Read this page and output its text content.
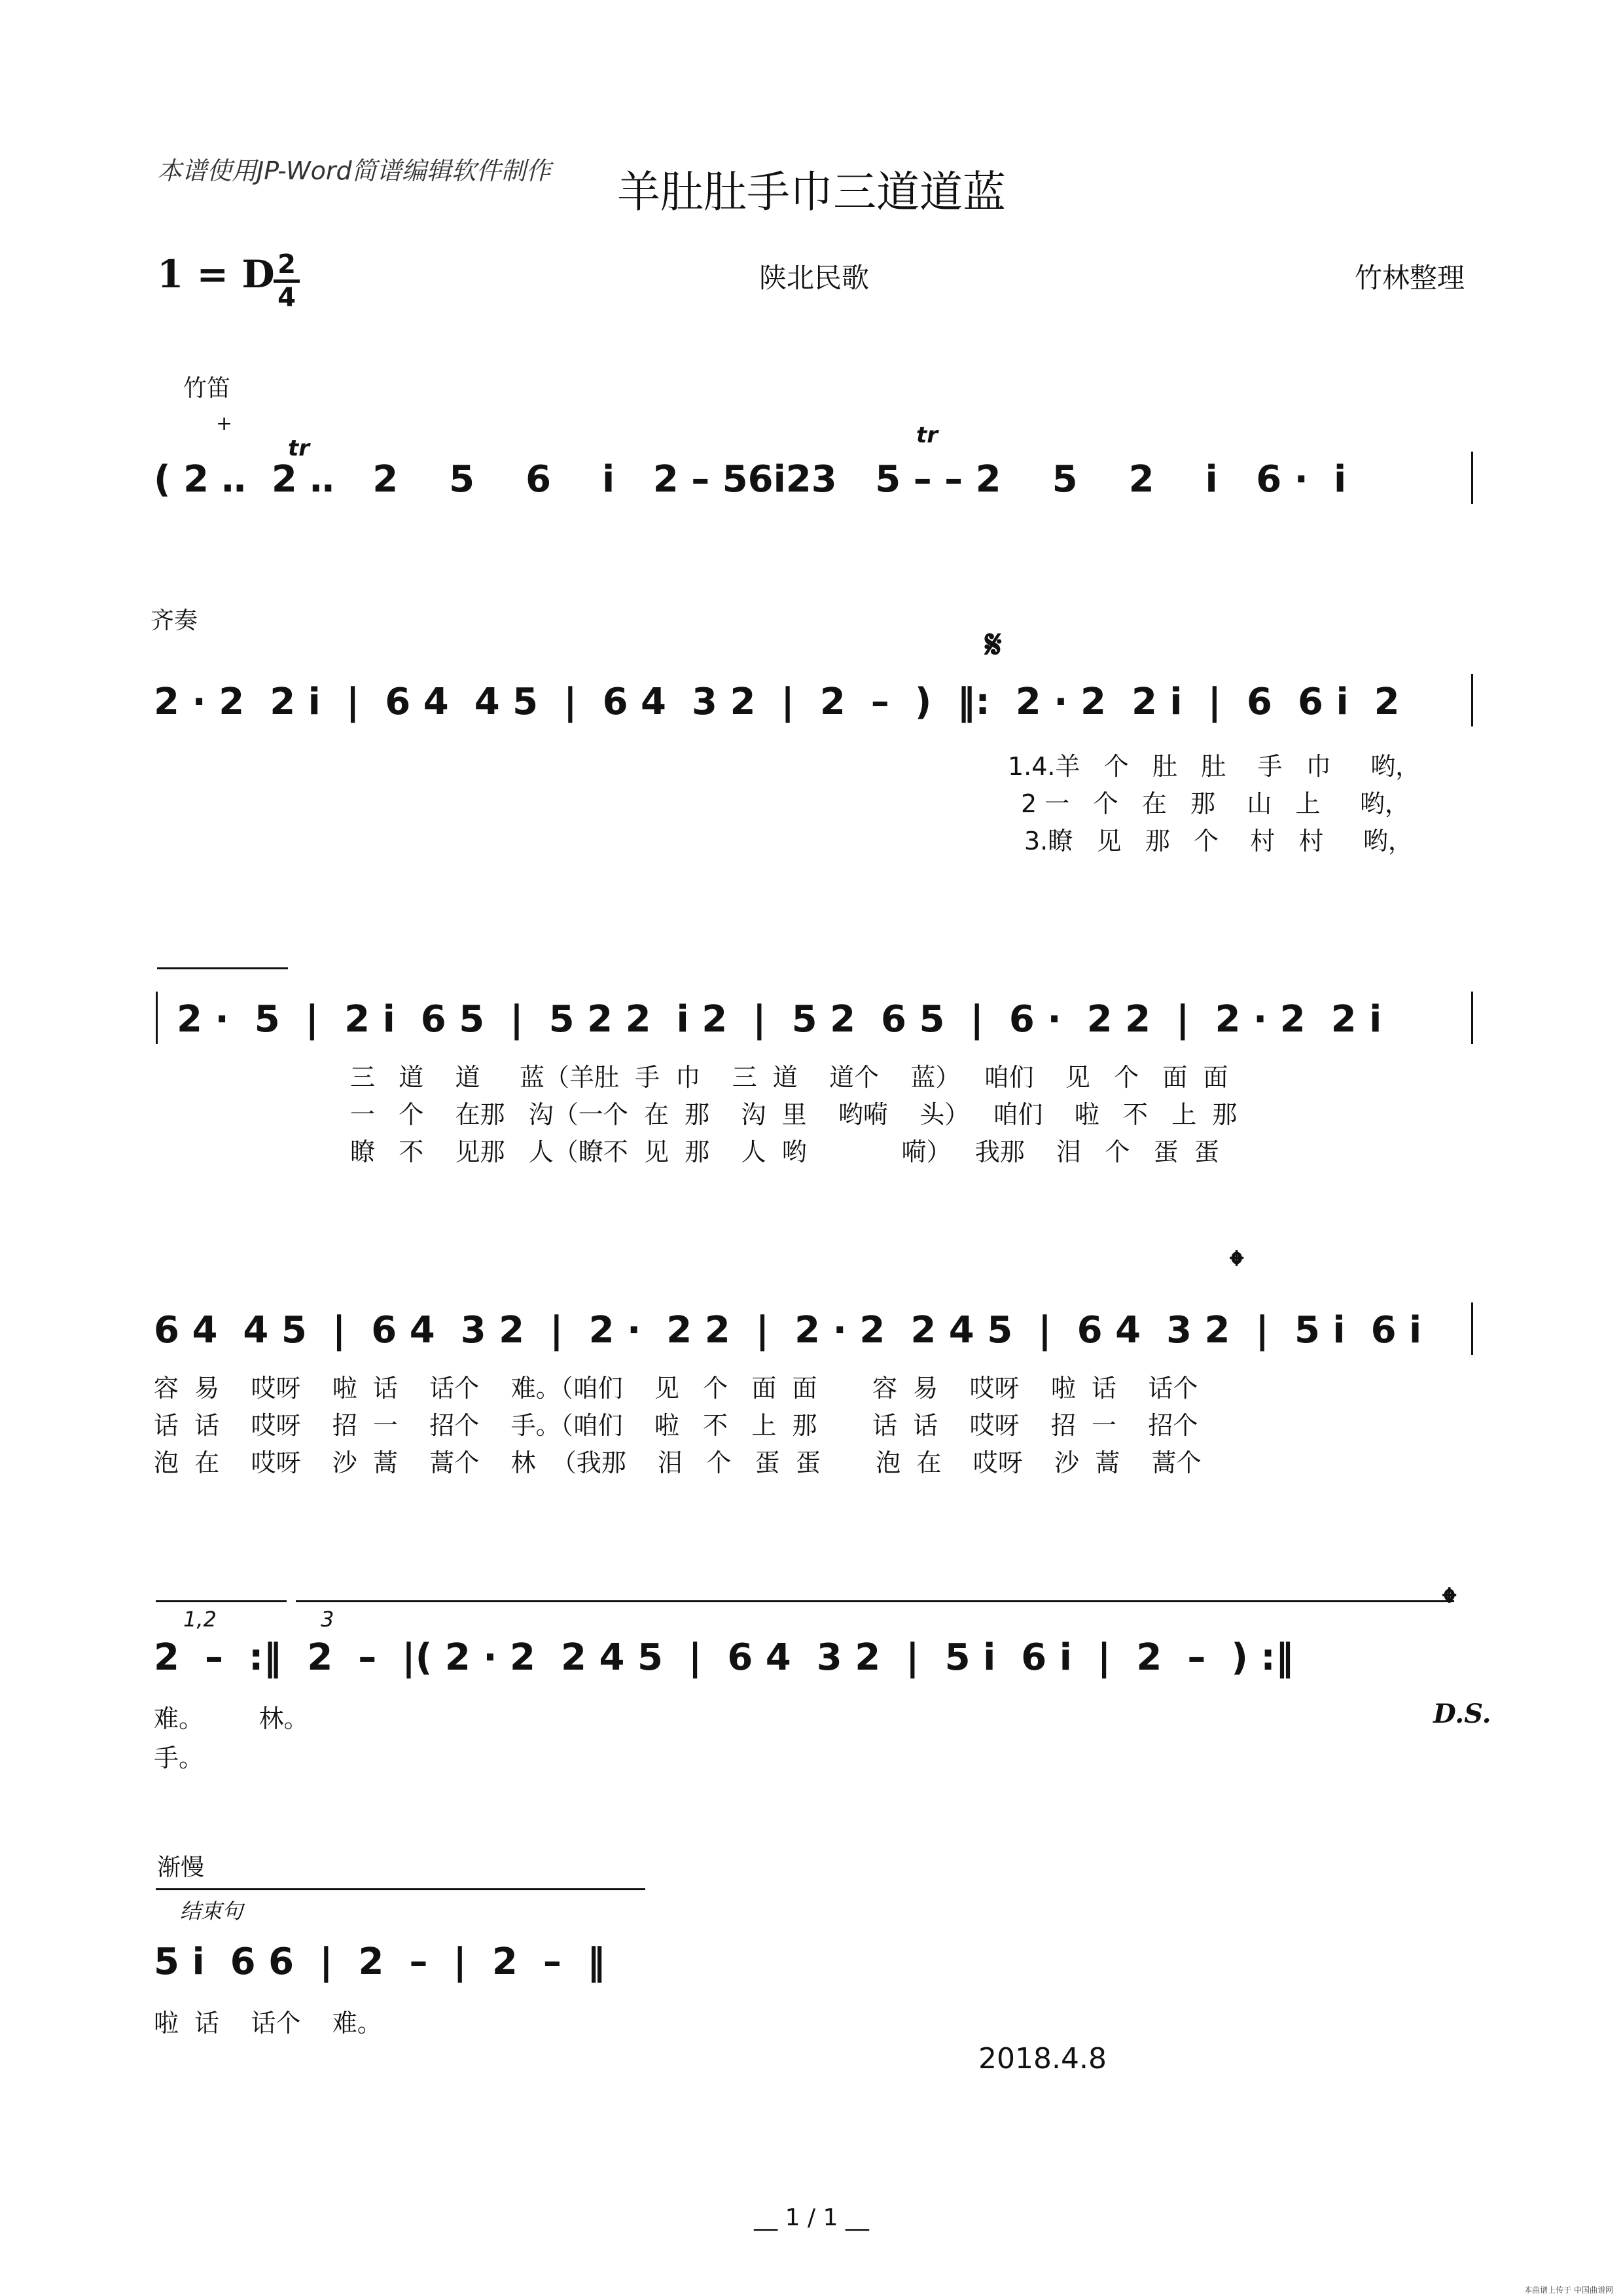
本谱使用JP-Word简谱编辑软件制作	羊肚肚手巾三道道蓝
1 = D 2
4
陕北民歌	竹林整理
竹笛
+
tr	tr
( 2 ‥  2 ‥   2    5    6    i   2 – 56i23   5 – – 2    5    2    i   6 ·  i
齐奏
𝄋
2 · 2  2 i  |  6 4  4 5  |  6 4  3 2  |  2  –  )  ‖:  2 · 2  2 i  |  6  6 i  2
1.4.羊   个   肚   肚    手   巾     哟，
2 一   个   在   那    山   上     哟，
3.瞭   见   那   个    村   村     哟，
2 ·  5  |  2 i  6 5  |  5 2 2  i 2  |  5 2  6 5  |  6 ·  2 2  |  2 · 2  2 i
三   道    道     蓝（羊肚  手  巾    三  道    道个    蓝）   咱们    见   个   面  面
一   个    在那   沟（一个  在  那    沟  里    哟嗬    头）   咱们    啦   不   上  那
瞭   不    见那   人（瞭不  见  那    人  哟            嗬）   我那    泪   个   蛋  蛋
𝄌
6 4  4 5  |  6 4  3 2  |  2 ·  2 2  |  2 · 2  2 4 5  |  6 4  3 2  |  5 i  6 i
容  易    哎呀    啦  话    话个    难。（咱们    见   个   面  面       容  易    哎呀    啦  话    话个
话  话    哎呀    招  一    招个    手。（咱们    啦   不   上  那       话  话    哎呀    招  一    招个
泡  在    哎呀    沙  蒿    蒿个    林  （我那    泪   个   蛋  蛋       泡  在    哎呀    沙  蒿    蒿个
1,2	3	𝄌
2  –  :‖  2  –  |( 2 · 2  2 4 5  |  6 4  3 2  |  5 i  6 i  |  2  –  ) :‖
难。       林。
手。
D.S.
渐慢
结束句
5 i  6 6  |  2  –  |  2  –  ‖
啦  话    话个    难。
2018.4.8
__ 1 / 1 __
本曲谱上传于 中国曲谱网
